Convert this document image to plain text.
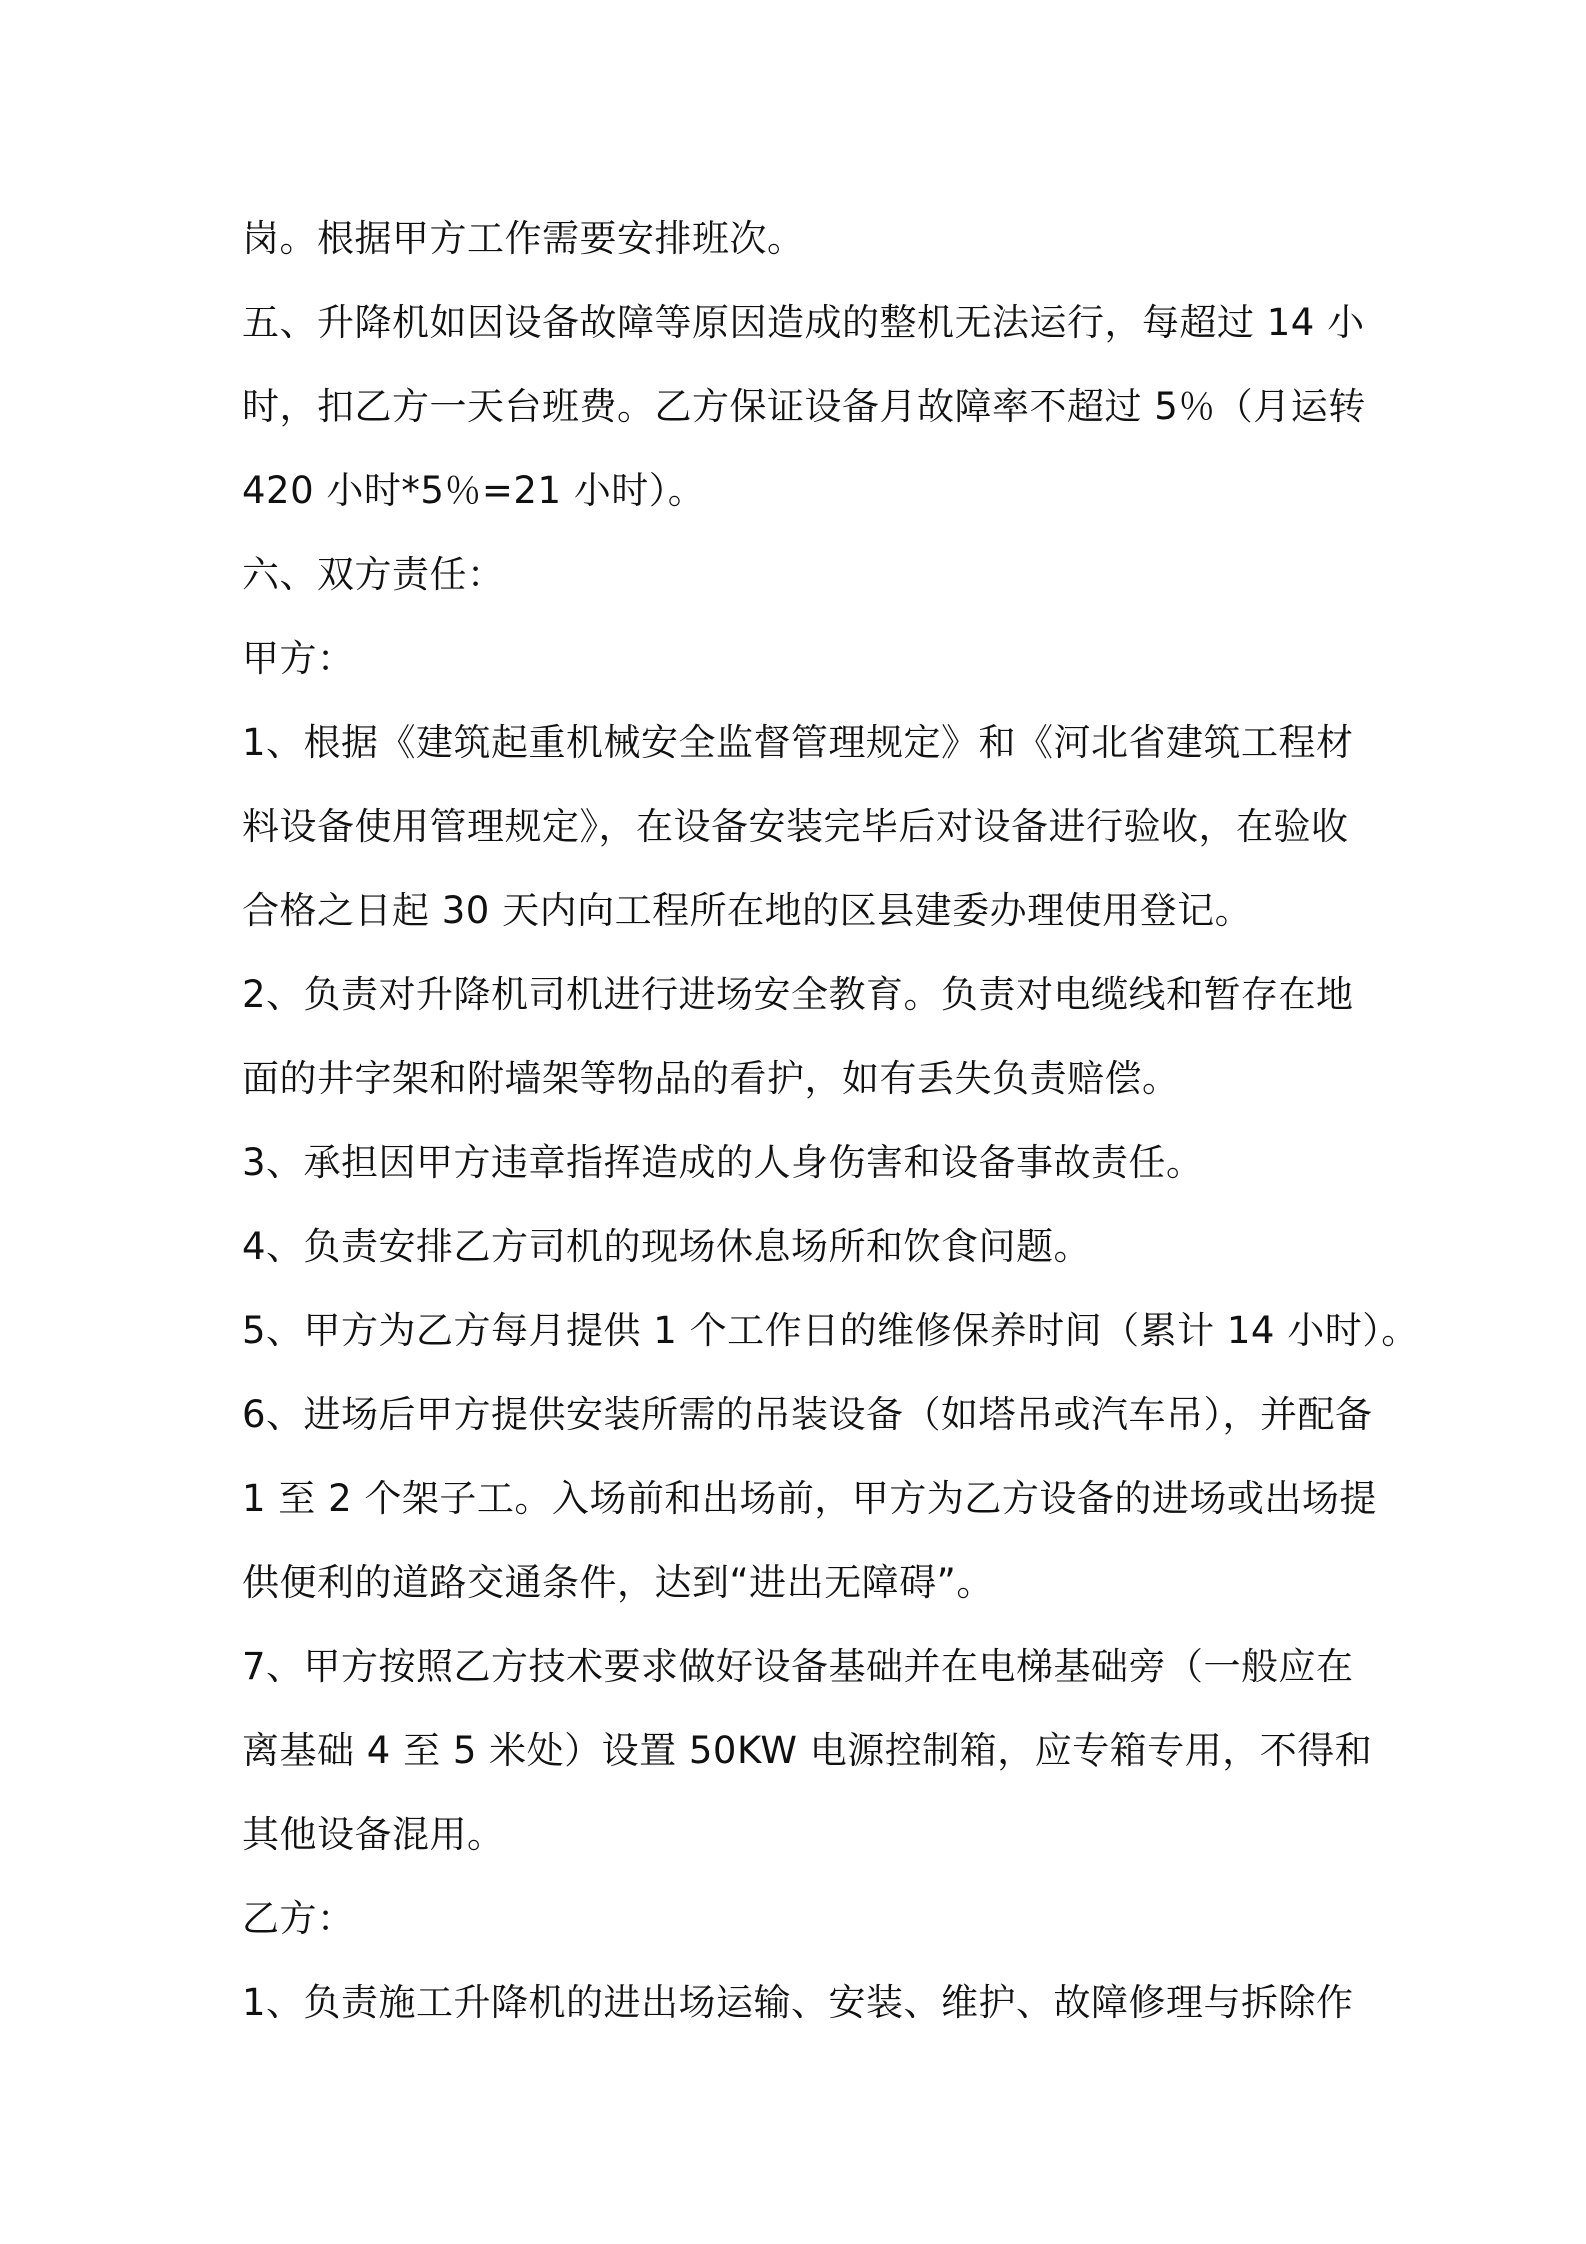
岗。根据甲方工作需要安排班次。
五、升降机如因设备故障等原因造成的整机无法运行，每超过 14 小
时，扣乙方一天台班费。乙方保证设备月故障率不超过 5％（月运转
420 小时*5％=21 小时）。
六、双方责任：
甲方：
1、根据《建筑起重机械安全监督管理规定》和《河北省建筑工程材
料设备使用管理规定》，在设备安装完毕后对设备进行验收，在验收
合格之日起 30 天内向工程所在地的区县建委办理使用登记。
2、负责对升降机司机进行进场安全教育。负责对电缆线和暂存在地
面的井字架和附墙架等物品的看护，如有丢失负责赔偿。
3、承担因甲方违章指挥造成的人身伤害和设备事故责任。
4、负责安排乙方司机的现场休息场所和饮食问题。
5、甲方为乙方每月提供 1 个工作日的维修保养时间（累计 14 小时）。
6、进场后甲方提供安装所需的吊装设备（如塔吊或汽车吊），并配备
1 至 2 个架子工。入场前和出场前，甲方为乙方设备的进场或出场提
供便利的道路交通条件，达到“进出无障碍”。
7、甲方按照乙方技术要求做好设备基础并在电梯基础旁（一般应在
离基础 4 至 5 米处）设置 50KW 电源控制箱，应专箱专用，不得和
其他设备混用。
乙方：
1、负责施工升降机的进出场运输、安装、维护、故障修理与拆除作
